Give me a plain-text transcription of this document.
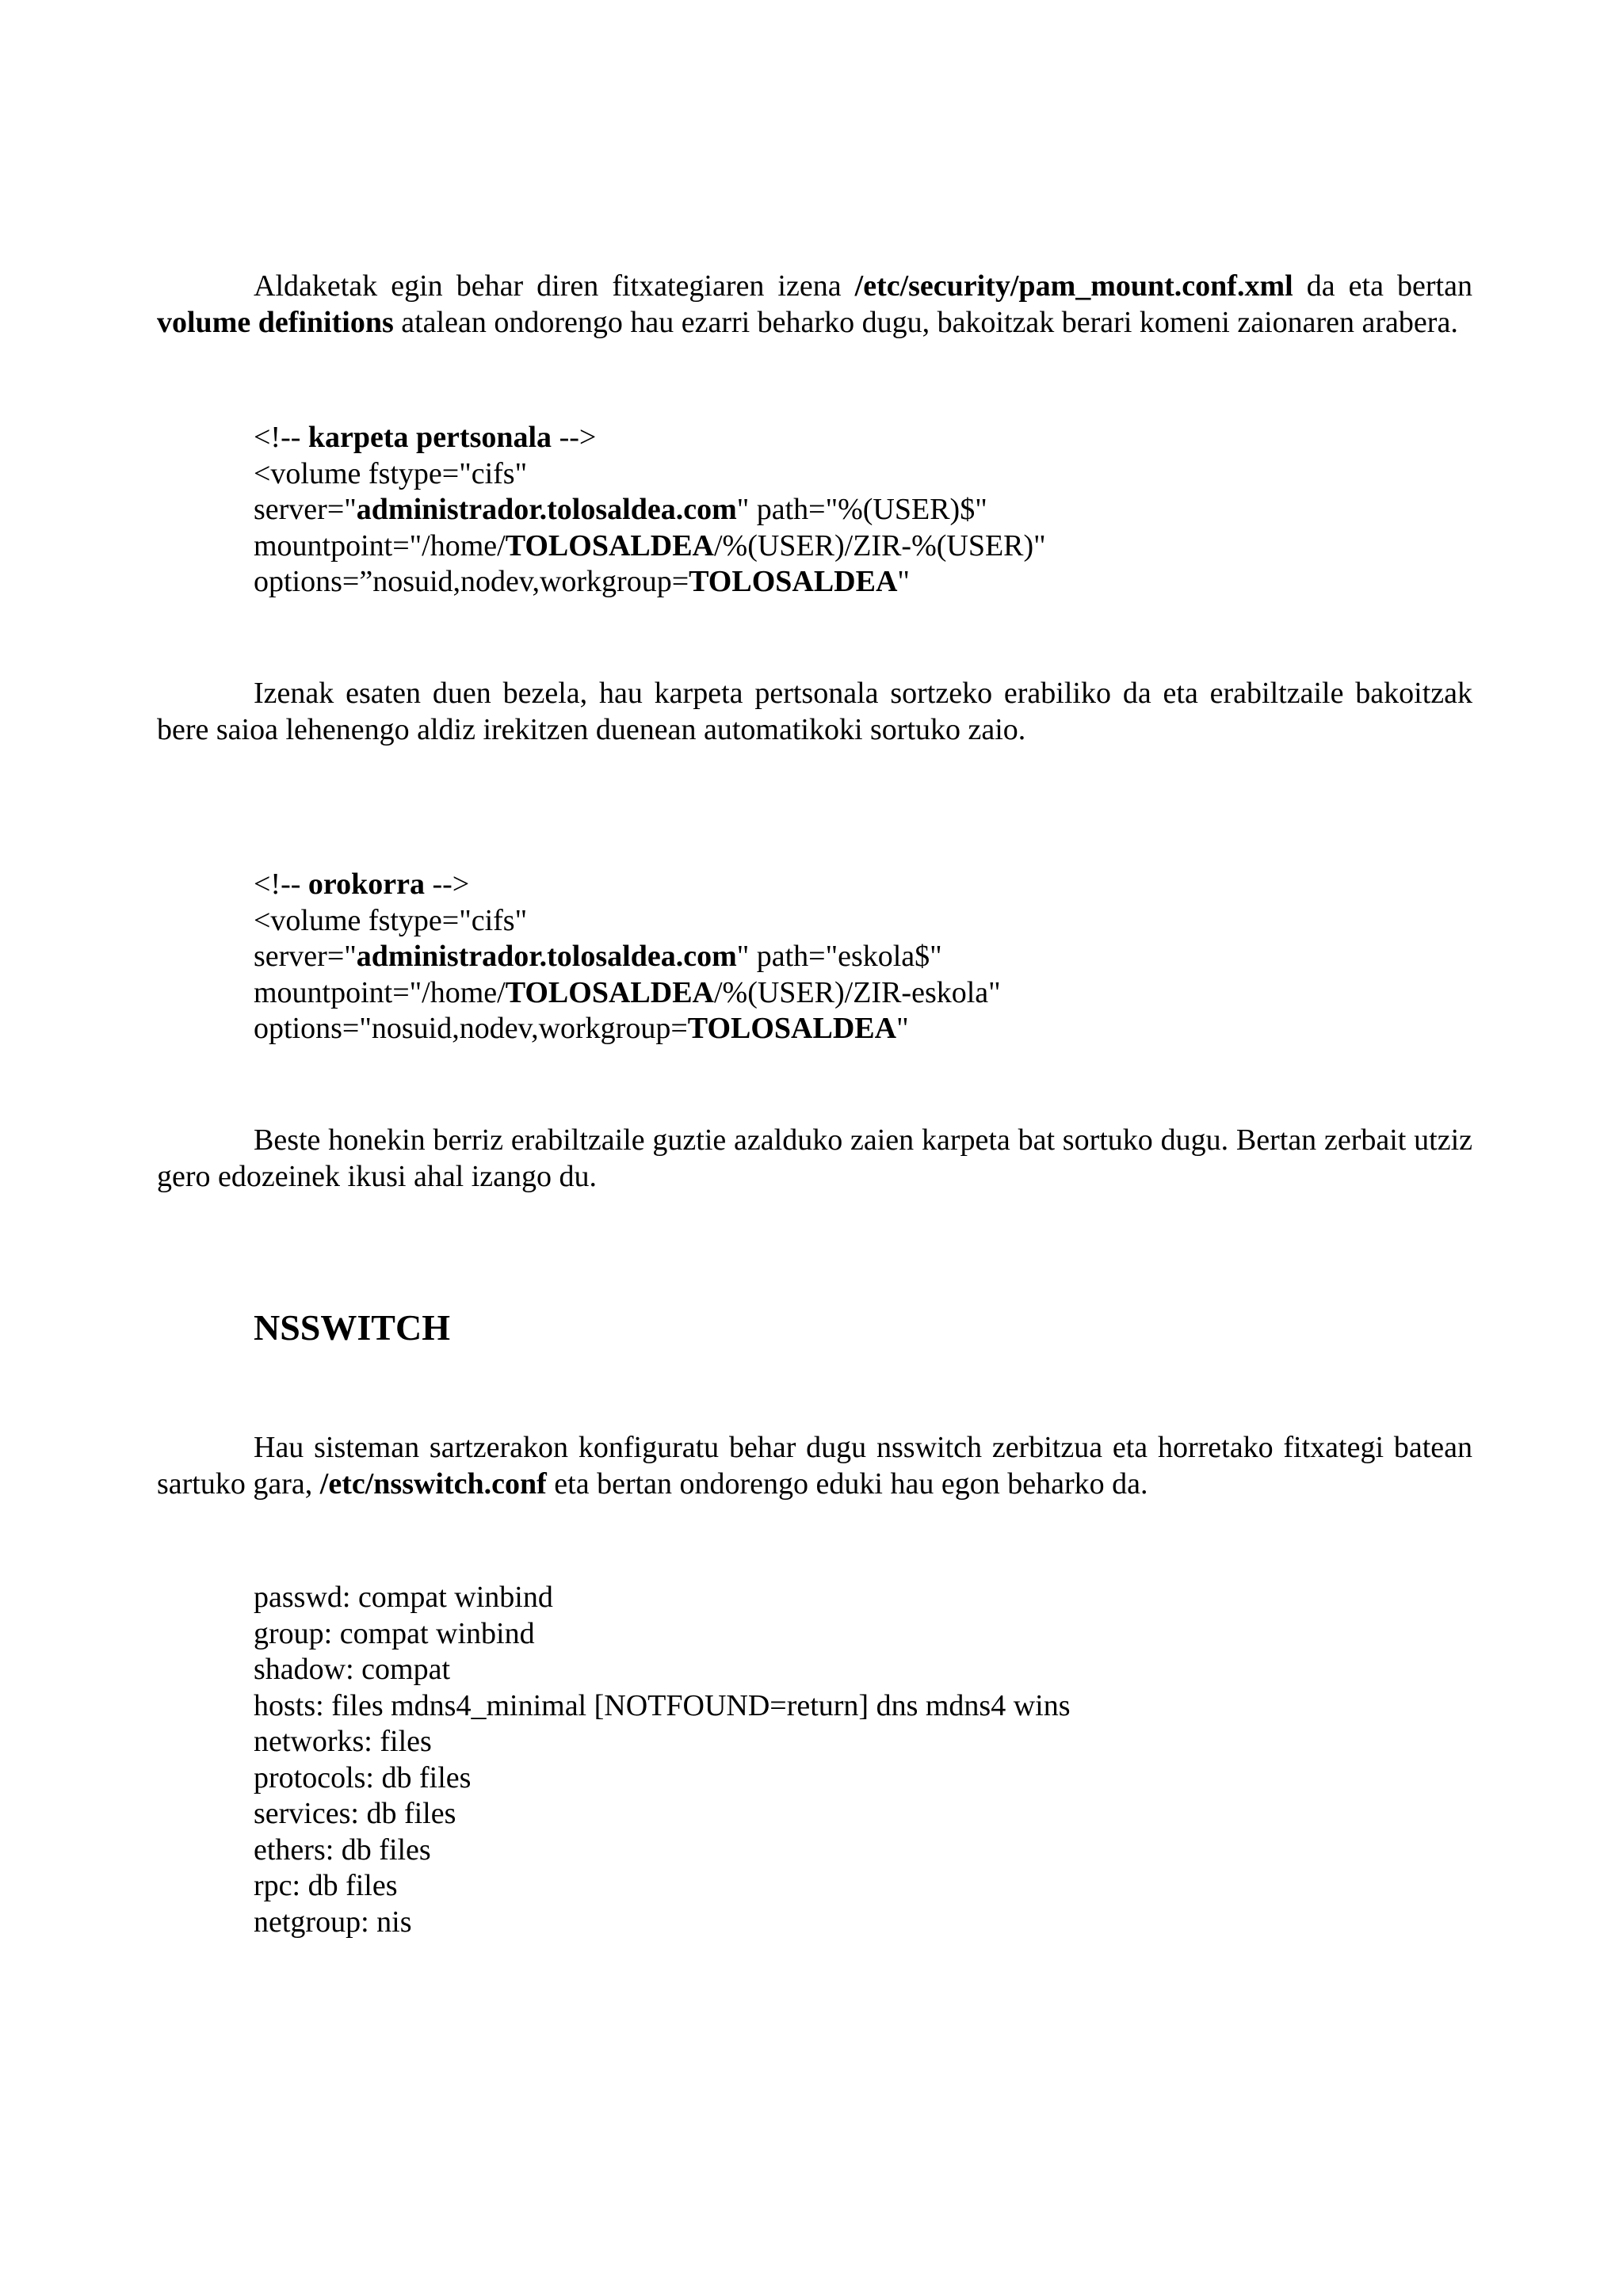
Aldaketak egin behar diren fitxategiaren izena /etc/security/pam_mount.conf.xml da eta bertan volume definitions atalean ondorengo hau ezarri beharko dugu, bakoitzak berari komeni zaionaren arabera.

<!-- karpeta pertsonala -->
<volume fstype="cifs"
server="administrador.tolosaldea.com" path="%(USER)$"
mountpoint="/home/TOLOSALDEA/%(USER)/ZIR-%(USER)"
options=”nosuid,nodev,workgroup=TOLOSALDEA"

Izenak esaten duen bezela, hau karpeta pertsonala sortzeko erabiliko da eta erabiltzaile bakoitzak bere saioa lehenengo aldiz irekitzen duenean automatikoki sortuko zaio.

<!-- orokorra -->
<volume fstype="cifs"
server="administrador.tolosaldea.com" path="eskola$"
mountpoint="/home/TOLOSALDEA/%(USER)/ZIR-eskola"
options="nosuid,nodev,workgroup=TOLOSALDEA"

Beste honekin berriz erabiltzaile guztie azalduko zaien karpeta bat sortuko dugu. Bertan zerbait utziz gero edozeinek ikusi ahal izango du.

NSSWITCH

Hau sisteman sartzerakon konfiguratu behar dugu nsswitch zerbitzua eta horretako fitxategi batean sartuko gara, /etc/nsswitch.conf eta bertan ondorengo eduki hau egon beharko da.

passwd: compat winbind
group: compat winbind
shadow: compat
hosts: files mdns4_minimal [NOTFOUND=return] dns mdns4 wins
networks: files
protocols: db files
services: db files
ethers: db files
rpc: db files
netgroup: nis
